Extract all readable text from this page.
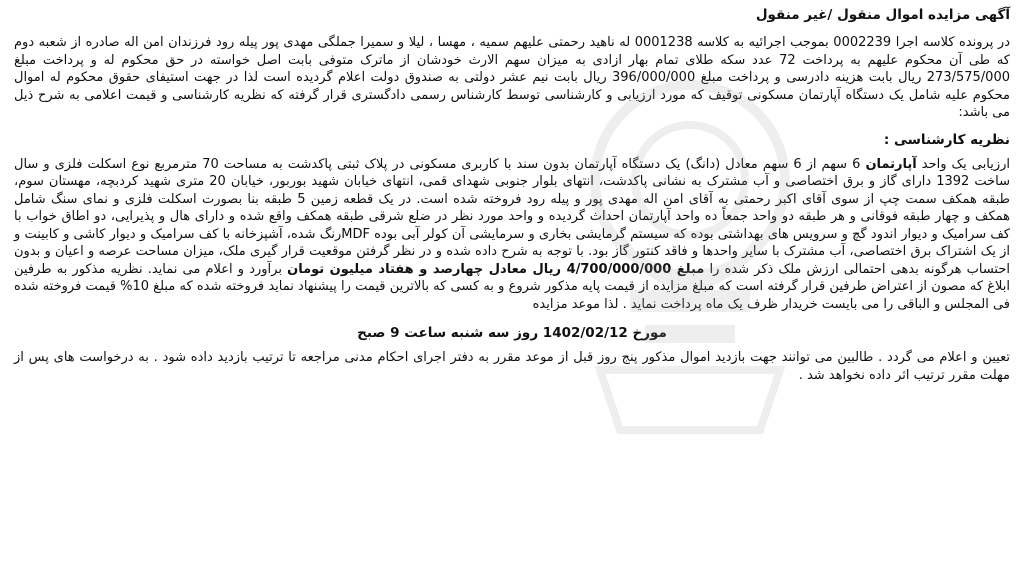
آگهی مزایده اموال منقول /غیر منقول

در پرونده کلاسه اجرا 0002239 بموجب اجرائیه به کلاسه 0001238 له ناهید رحمتی علیهم سمیه ، مهسا ، لیلا و سمیرا جملگی مهدی پور پیله رود فرزندان امن اله صادره از شعبه دوم که طی آن محکوم علیهم به پرداخت 72 عدد سکه طلای تمام بهار ازادی به میزان سهم الارث خودشان از ماترک متوفی بابت اصل خواسته در حق محکوم له و پرداخت مبلغ 273/575/000 ریال بابت هزینه دادرسی و پرداخت مبلغ 396/000/000 ریال بابت نیم عشر دولتی به صندوق دولت اعلام گردیده است لذا در جهت استیفای حقوق محکوم له اموال محکوم علیه شامل یک دستگاه آپارتمان مسکونی توقیف که مورد ارزیابی و کارشناسی توسط کارشناس رسمی دادگستری قرار گرفته که نظریه کارشناسی و قیمت اعلامی به شرح ذیل می باشد:

نظریه کارشناسی :

ارزیابی یک واحد آپارتمان 6 سهم از 6 سهم معادل (دانگ) یک دستگاه آپارتمان بدون سند با کاربری مسکونی در پلاک ثبتی پاکدشت به مساحت 70 مترمربع نوع اسکلت فلزی و سال ساخت 1392 دارای گاز و برق اختصاصی و آب مشترک به نشانی پاکدشت، انتهای بلوار جنوبی شهدای قمی، انتهای خیابان شهید بوربور، خیابان 20 متری شهید کردبچه، مهستان سوم، طبقه همکف سمت چپ از سوی آقای اکبر رحمتی به آقای امن اله مهدی پور و پیله رود فروخته شده است. در یک قطعه زمین 5 طبقه بنا بصورت اسکلت فلزی و نمای سنگ شامل همکف و چهار طبقه فوقانی و هر طبقه دو واحد جمعاً ده واحد آپارتمان احداث گردیده و واحد مورد نظر در ضلع شرقی طبقه همکف واقع شده و دارای هال و پذیرایی، دو اطاق خواب با کف سرامیک و دیوار اندود گچ و سرویس های بهداشتی بوده که سیستم گرمایشی بخاری و سرمایشی آن کولر آبی بوده MDFرنگ شده، آشپزخانه با کف سرامیک و دیوار کاشی و کابینت و از یک اشتراک برق اختصاصی، آب مشترک با سایر واحدها و فاقد کنتور گاز بود. با توجه به شرح داده شده و در نظر گرفتن موقعیت قرار گیری ملک، میزان مساحت عرصه و اعیان و بدون احتساب هرگونه بدهی احتمالی ارزش ملک ذکر شده را مبلغ 4/700/000/000 ریال معادل چهارصد و هفتاد میلیون تومان برآورد و اعلام می نماید. نظریه مذکور به طرفین ابلاغ که مصون از اعتراض طرفین قرار گرفته است که مبلغ مزایده از قیمت پایه مذکور شروع و به کسی که بالاترین قیمت را پیشنهاد نماید فروخته شده که مبلغ 10% قیمت فروخته شده فی المجلس و الباقی را می بایست خریدار ظرف یک ماه پرداخت نماید . لذا موعد مزایده

مورخ 1402/02/12 روز سه شنبه ساعت 9 صبح

تعیین و اعلام می گردد . طالبین می توانند جهت بازدید اموال مذکور پنج روز قبل از موعد مقرر به دفتر اجرای احکام مدنی مراجعه تا ترتیب بازدید داده شود . به درخواست های پس از مهلت مقرر ترتیب اثر داده نخواهد شد .
